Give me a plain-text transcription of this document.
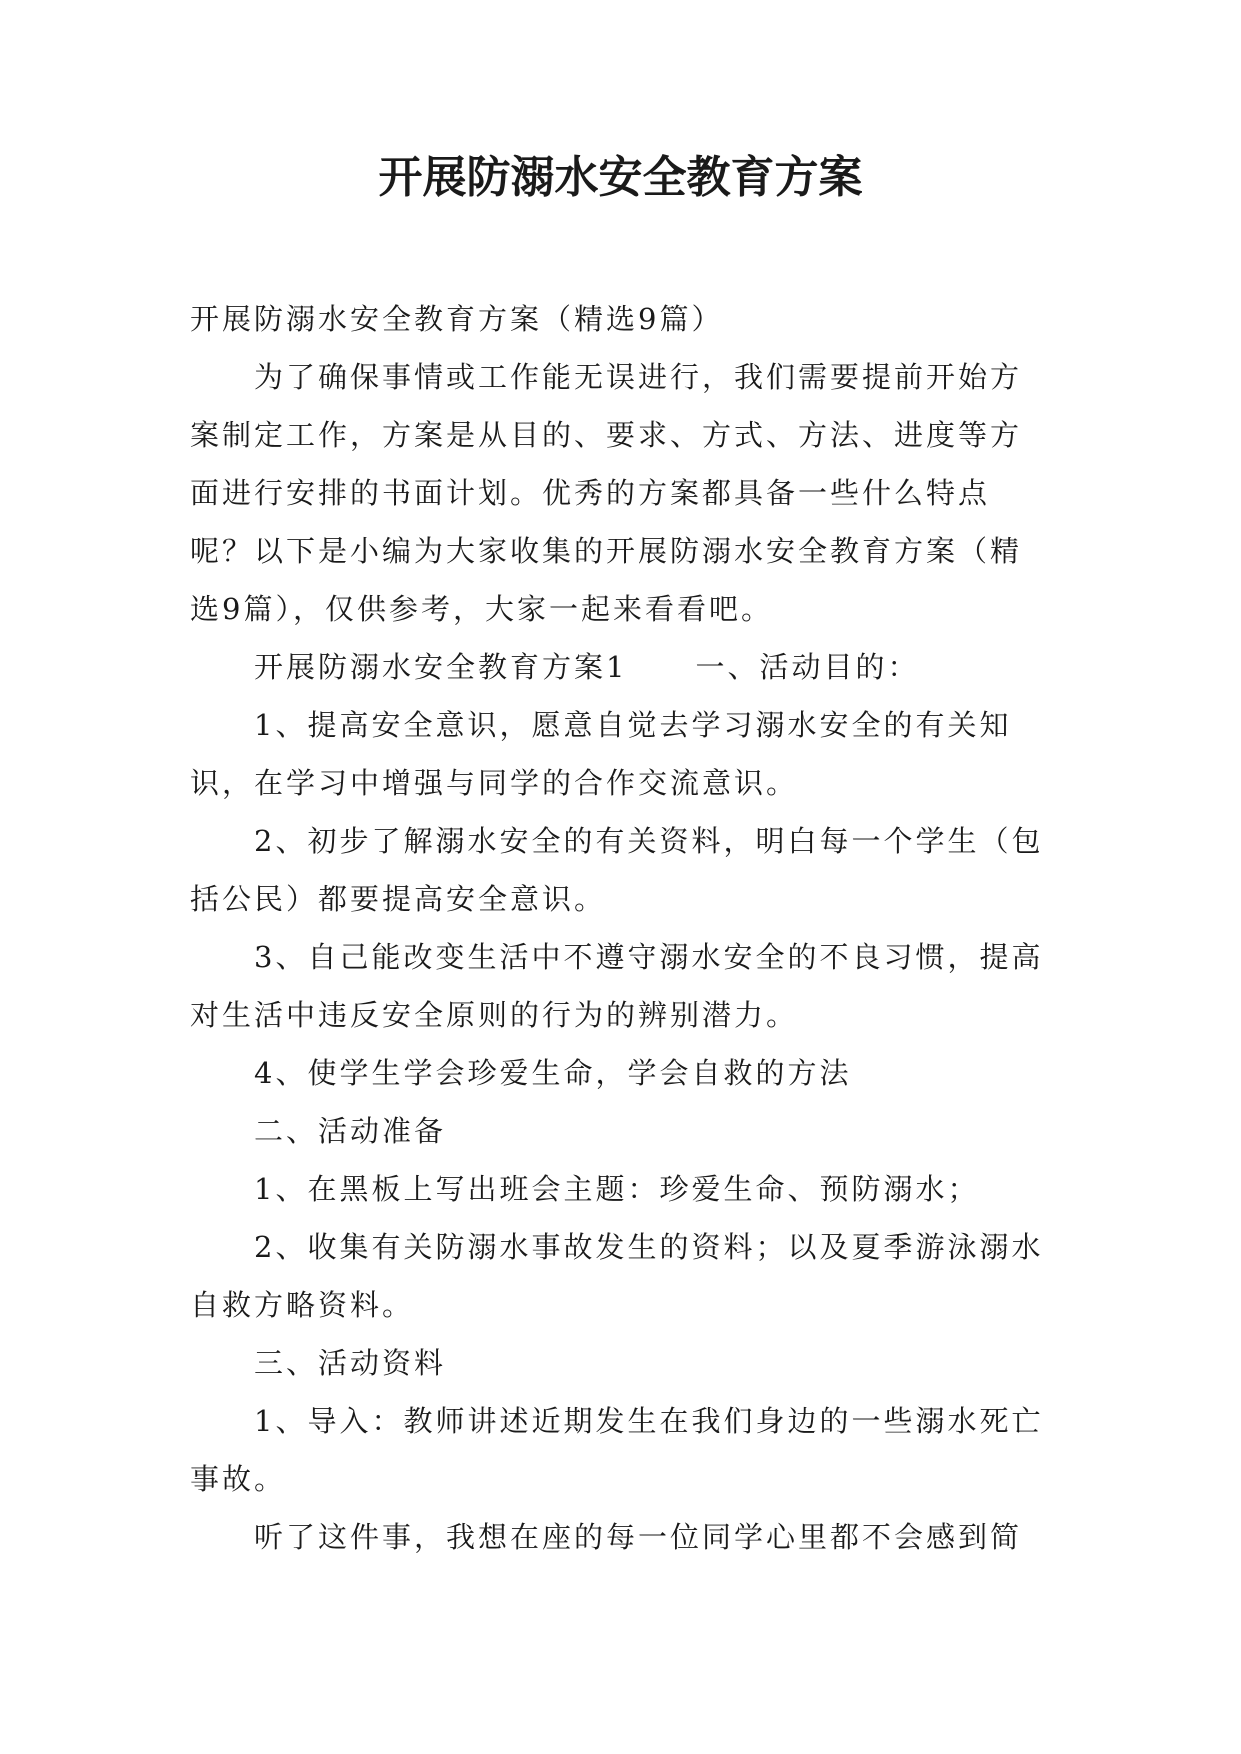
开展防溺水安全教育方案

开展防溺水安全教育方案（精选9篇）

为了确保事情或工作能无误进行，我们需要提前开始方案制定工作，方案是从目的、要求、方式、方法、进度等方面进行安排的书面计划。优秀的方案都具备一些什么特点呢？以下是小编为大家收集的开展防溺水安全教育方案（精选9篇），仅供参考，大家一起来看看吧。

开展防溺水安全教育方案1 一、活动目的：

1、提高安全意识，愿意自觉去学习溺水安全的有关知识，在学习中增强与同学的合作交流意识。

2、初步了解溺水安全的有关资料，明白每一个学生（包括公民）都要提高安全意识。

3、自己能改变生活中不遵守溺水安全的不良习惯，提高对生活中违反安全原则的行为的辨别潜力。

4、使学生学会珍爱生命，学会自救的方法

二、活动准备

1、在黑板上写出班会主题：珍爱生命、预防溺水；

2、收集有关防溺水事故发生的资料；以及夏季游泳溺水自救方略资料。

三、活动资料

1、导入：教师讲述近期发生在我们身边的一些溺水死亡事故。

听了这件事，我想在座的每一位同学心里都不会感到简
